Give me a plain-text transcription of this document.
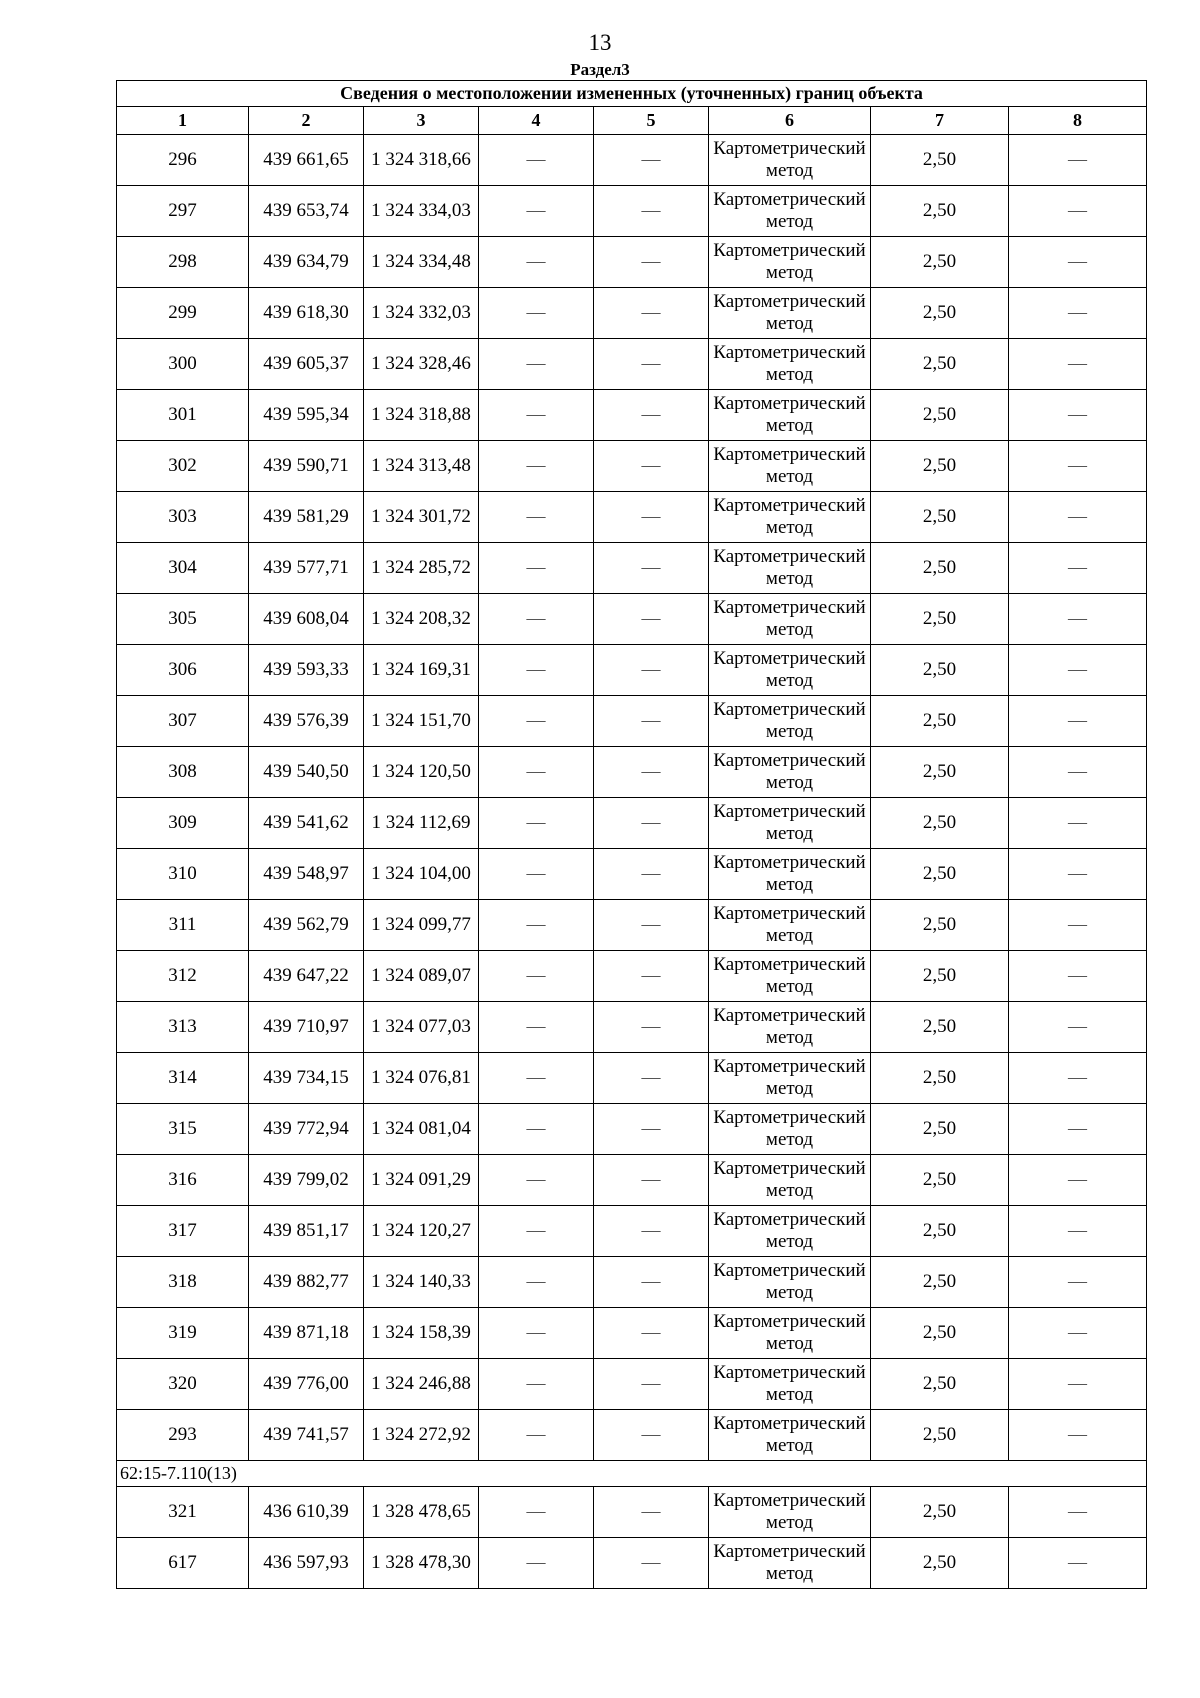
13
Раздел3
Сведения о местоположении измененных (уточненных) границ объекта							
1	2	3	4	5	6	7	8
296	439 661,65	1 324 318,66	—	—	Картометрический метод	2,50	—
297	439 653,74	1 324 334,03	—	—	Картометрический метод	2,50	—
298	439 634,79	1 324 334,48	—	—	Картометрический метод	2,50	—
299	439 618,30	1 324 332,03	—	—	Картометрический метод	2,50	—
300	439 605,37	1 324 328,46	—	—	Картометрический метод	2,50	—
301	439 595,34	1 324 318,88	—	—	Картометрический метод	2,50	—
302	439 590,71	1 324 313,48	—	—	Картометрический метод	2,50	—
303	439 581,29	1 324 301,72	—	—	Картометрический метод	2,50	—
304	439 577,71	1 324 285,72	—	—	Картометрический метод	2,50	—
305	439 608,04	1 324 208,32	—	—	Картометрический метод	2,50	—
306	439 593,33	1 324 169,31	—	—	Картометрический метод	2,50	—
307	439 576,39	1 324 151,70	—	—	Картометрический метод	2,50	—
308	439 540,50	1 324 120,50	—	—	Картометрический метод	2,50	—
309	439 541,62	1 324 112,69	—	—	Картометрический метод	2,50	—
310	439 548,97	1 324 104,00	—	—	Картометрический метод	2,50	—
311	439 562,79	1 324 099,77	—	—	Картометрический метод	2,50	—
312	439 647,22	1 324 089,07	—	—	Картометрический метод	2,50	—
313	439 710,97	1 324 077,03	—	—	Картометрический метод	2,50	—
314	439 734,15	1 324 076,81	—	—	Картометрический метод	2,50	—
315	439 772,94	1 324 081,04	—	—	Картометрический метод	2,50	—
316	439 799,02	1 324 091,29	—	—	Картометрический метод	2,50	—
317	439 851,17	1 324 120,27	—	—	Картометрический метод	2,50	—
318	439 882,77	1 324 140,33	—	—	Картометрический метод	2,50	—
319	439 871,18	1 324 158,39	—	—	Картометрический метод	2,50	—
320	439 776,00	1 324 246,88	—	—	Картометрический метод	2,50	—
293	439 741,57	1 324 272,92	—	—	Картометрический метод	2,50	—
62:15-7.110(13)							
321	436 610,39	1 328 478,65	—	—	Картометрический метод	2,50	—
617	436 597,93	1 328 478,30	—	—	Картометрический метод	2,50	—
